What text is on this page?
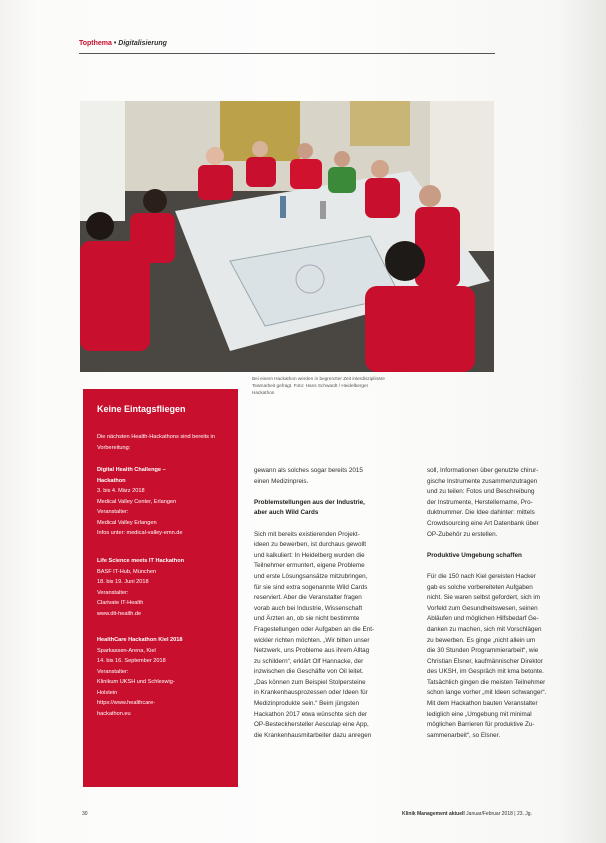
Topthema • Digitalisierung
Bei einem Hackathon werden in begrenzter Zeit interdisziplinäre Teamarbeit gefragt. Foto: Hans Schwardt / Heidelberger Hackathon
Keine Eintagsfliegen
Die nächsten Health-Hackathons sind bereits in Vorbereitung:
Digital Health Challenge –
Hackathon
3. bis 4. März 2018
Medical Valley Center, Erlangen
Veranstalter:
Medical Valley Erlangen
Infos unter: medical-valley-emn.de
Life Science meets IT Hackathon
BASF IT-Hub, München
18. bis 19. Juni 2018
Veranstalter:
Clarivate IT-Health
www.dit-health.de
HealthCare Hackathon Kiel 2018
Sparkassen-Arena, Kiel
14. bis 16. September 2018
Veranstalter:
Klinikum UKSH und Schleswig-
Holstein
https://www.healthcare-
hackathon.eu

gewann als solches sogar bereits 2015

einen Medizinpreis.

Problemstellungen aus der Industrie,

aber auch Wild Cards

Sich mit bereits existierenden Projekt-

ideen zu bewerben, ist durchaus gewollt

und kalkuliert: In Heidelberg wurden die

Teilnehmer ermuntert, eigene Probleme

und erste Lösungsansätze mitzubringen,

für sie sind extra sogenannte Wild Cards

reserviert. Aber die Veranstalter fragen

vorab auch bei Industrie, Wissenschaft

und Ärzten an, ob sie nicht bestimmte

Fragestellungen oder Aufgaben an die Ent-

wickler richten möchten. „Wir bitten unser

Netzwerk, uns Probleme aus ihrem Alltag

zu schildern“, erklärt Olf Hannacke, der

inzwischen die Geschäfte von Oil leitet.

„Das können zum Beispiel Stolpersteine

in Krankenhausprozessen oder Ideen für

Medizinprodukte sein.“ Beim jüngsten

Hackathon 2017 etwa wünschte sich der

OP-Besteckhersteller Aesculap eine App,

die Krankenhausmitarbeiter dazu anregen

soll, Informationen über genutzte chirur-

gische Instrumente zusammenzutragen

und zu teilen: Fotos und Beschreibung

der Instrumente, Herstellername, Pro-

duktnummer. Die Idee dahinter: mittels

Crowdsourcing eine Art Datenbank über

OP-Zubehör zu erstellen.

Produktive Umgebung schaffen

Für die 150 nach Kiel gereisten Hacker

gab es solche vorbereiteten Aufgaben

nicht. Sie waren selbst gefordert, sich im

Vorfeld zum Gesundheitswesen, seinen

Abläufen und möglichen Hilfsbedarf Ge-

danken zu machen, sich mit Vorschlägen

zu bewerben. Es ginge „nicht allein um

die 30 Stunden Programmierarbeit“, wie

Christian Elsner, kaufmännischer Direktor

des UKSH, im Gespräch mit kma betonte.

Tatsächlich gingen die meisten Teilnehmer

schon lange vorher „mit Ideen schwanger“.

Mit dem Hackathon bauten Veranstalter

lediglich eine „Umgebung mit minimal

möglichen Barrieren für produktive Zu-

sammenarbeit“, so Elsner.

30	Klinik Management aktuell Januar/Februar 2018 | 23. Jg.
